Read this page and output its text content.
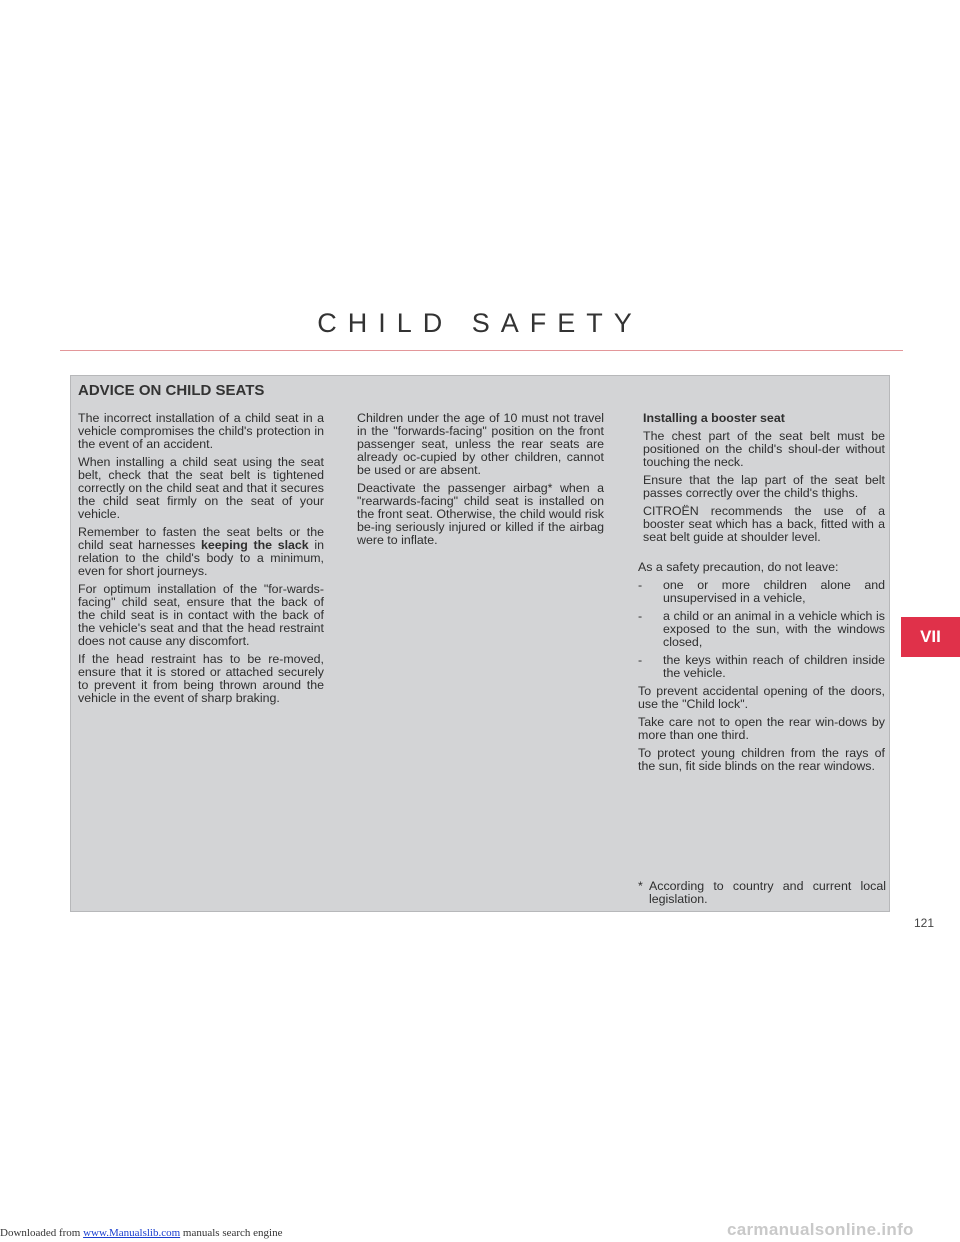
CHILD SAFETY
VII
ADVICE ON CHILD SEATS

The incorrect installation of a child seat in a vehicle compromises the child's protection in the event of an accident.

When installing a child seat using the seat belt, check that the seat belt is tightened correctly on the child seat and that it secures the child seat firmly on the seat of your vehicle.

Remember to fasten the seat belts or the child seat harnesses keeping the slack in relation to the child's body to a minimum, even for short journeys.

For optimum installation of the "for-wards-facing" child seat, ensure that the back of the child seat is in contact with the back of the vehicle's seat and that the head restraint does not cause any discomfort.

If the head restraint has to be re-moved, ensure that it is stored or attached securely to prevent it from being thrown around the vehicle in the event of sharp braking.

Children under the age of 10 must not travel in the "forwards-facing" position on the front passenger seat, unless the rear seats are already oc-cupied by other children, cannot be used or are absent.

Deactivate the passenger airbag* when a "rearwards-facing" child seat is installed on the front seat. Otherwise, the child would risk be-ing seriously injured or killed if the airbag were to inflate.

Installing a booster seat

The chest part of the seat belt must be positioned on the child's shoul-der without touching the neck.

Ensure that the lap part of the seat belt passes correctly over the child's thighs.

CITROËN recommends the use of a booster seat which has a back, fitted with a seat belt guide at shoulder level.

As a safety precaution, do not leave:

-	one or more children alone and unsupervised in a vehicle,
-	a child or an animal in a vehicle which is exposed to the sun, with the windows closed,
-	the keys within reach of children inside the vehicle.

To prevent accidental opening of the doors, use the "Child lock".

Take care not to open the rear win-dows by more than one third.

To protect young children from the rays of the sun, fit side blinds on the rear windows.

* According to country and current local legislation.
121
Downloaded from www.Manualslib.com manuals search engine	carmanualsonline.info
